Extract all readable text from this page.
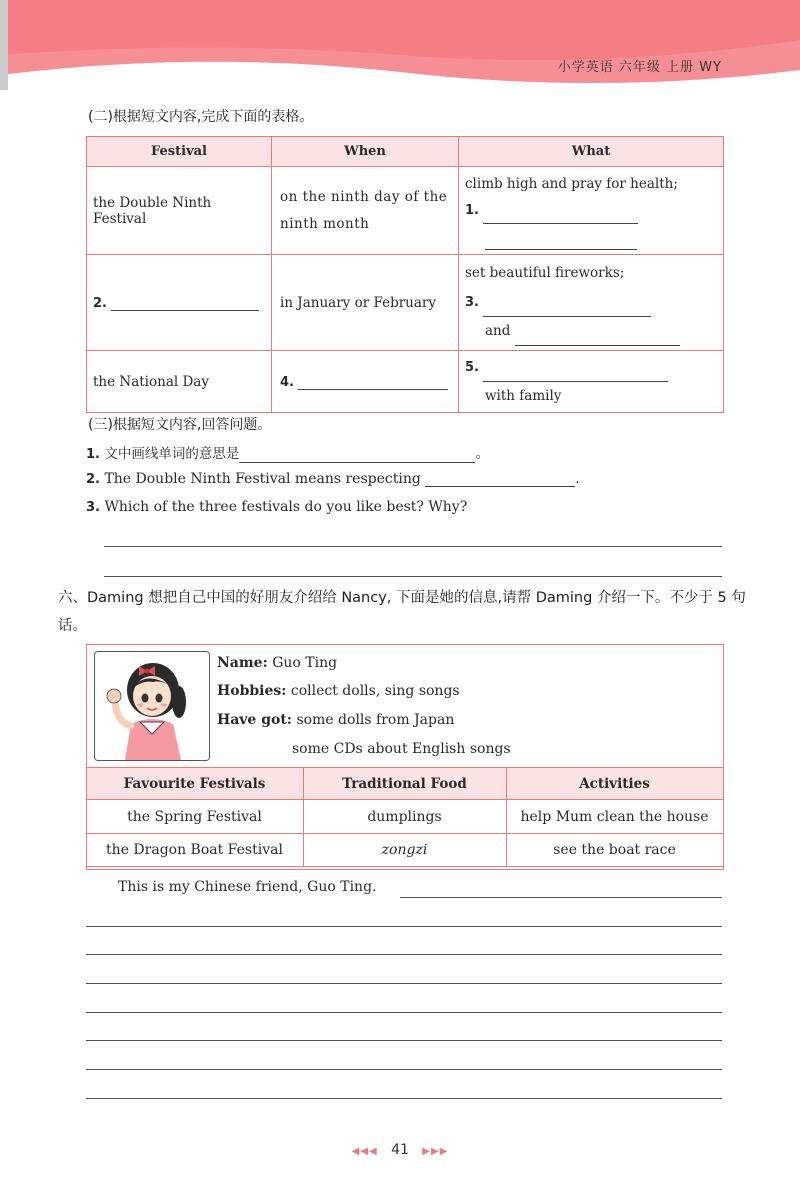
小学英语 六年级 上册 WY
(二)根据短文内容,完成下面的表格。
Festival	When	What
the Double Ninth Festival	on the ninth day of the ninth month	climb high and pray for health;
1.

2.	in January or February	set beautiful fireworks;
3.
and

the National Day	4.	5.
with family
(三)根据短文内容,回答问题。
1. 文中画线单词的意思是	。
2. The Double Ninth Festival means respecting	.
3. Which of the three festivals do you like best? Why?
六、Daming 想把自己中国的好朋友介绍给 Nancy, 下面是她的信息,请帮 Daming 介绍一下。不少于 5 句话。
Name: Guo Ting
Hobbies: collect dolls, sing songs
Have got: some dolls from Japan
some CDs about English songs
Favourite Festivals	Traditional Food	Activities
the Spring Festival	dumplings	help Mum clean the house
the Dragon Boat Festival	zongzi	see the boat race
This is my Chinese friend, Guo Ting.
◀◀◀ 41 ▶▶▶
